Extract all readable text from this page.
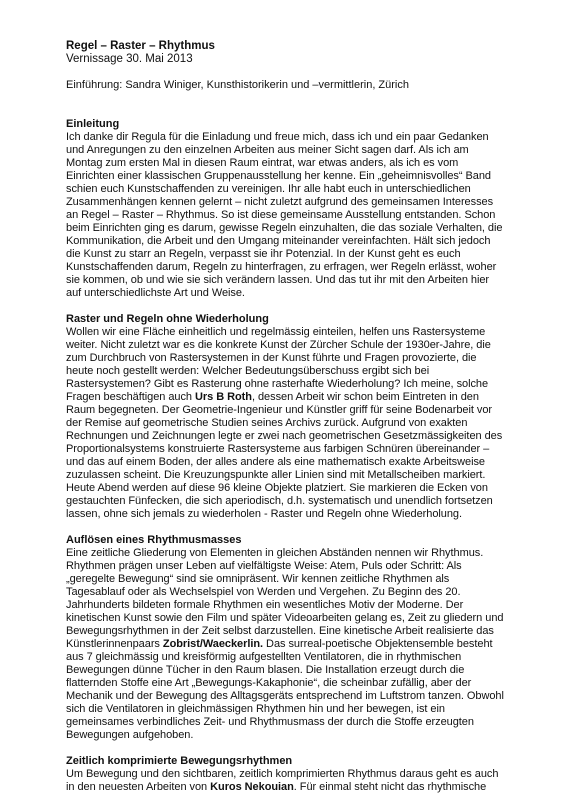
Regel – Raster – Rhythmus

Vernissage 30. Mai 2013

Einführung: Sandra Winiger, Kunsthistorikerin und –vermittlerin, Zürich

Einleitung

Ich danke dir Regula für die Einladung und freue mich, dass ich und ein paar Gedanken und Anregungen zu den einzelnen Arbeiten aus meiner Sicht sagen darf. Als ich am Montag zum ersten Mal in diesen Raum eintrat, war etwas anders, als ich es vom Einrichten einer klassischen Gruppenausstellung her kenne. Ein „geheimnisvolles“ Band schien euch Kunstschaffenden zu vereinigen. Ihr alle habt euch in unterschiedlichen Zusammenhängen kennen gelernt – nicht zuletzt aufgrund des gemeinsamen Interesses an Regel – Raster – Rhythmus. So ist diese gemeinsame Ausstellung entstanden. Schon beim Einrichten ging es darum, gewisse Regeln einzuhalten, die das soziale Verhalten, die Kommunikation, die Arbeit und den Umgang miteinander vereinfachten. Hält sich jedoch die Kunst zu starr an Regeln, verpasst sie ihr Potenzial. In der Kunst geht es euch Kunstschaffenden darum, Regeln zu hinterfragen, zu erfragen, wer Regeln erlässt, woher sie kommen, ob und wie sie sich verändern lassen. Und das tut ihr mit den Arbeiten hier auf unterschiedlichste Art und Weise.

Raster und Regeln ohne Wiederholung

Wollen wir eine Fläche einheitlich und regelmässig einteilen, helfen uns Rastersysteme weiter. Nicht zuletzt war es die konkrete Kunst der Zürcher Schule der 1930er-Jahre, die zum Durchbruch von Rastersystemen in der Kunst führte und Fragen provozierte, die heute noch gestellt werden: Welcher Bedeutungsüberschuss ergibt sich bei Rastersystemen? Gibt es Rasterung ohne rasterhafte Wiederholung? Ich meine, solche Fragen beschäftigen auch Urs B Roth, dessen Arbeit wir schon beim Eintreten in den Raum begegneten. Der Geometrie-Ingenieur und Künstler griff für seine Bodenarbeit vor der Remise auf geometrische Studien seines Archivs zurück. Aufgrund von exakten Rechnungen und Zeichnungen legte er zwei nach geometrischen Gesetzmässigkeiten des Proportionalsystems konstruierte Rastersysteme aus farbigen Schnüren übereinander – und das auf einem Boden, der alles andere als eine mathematisch exakte Arbeitsweise zuzulassen scheint. Die Kreuzungspunkte aller Linien sind mit Metallscheiben markiert. Heute Abend werden auf diese 96 kleine Objekte platziert. Sie markieren die Ecken von gestauchten Fünfecken, die sich aperiodisch, d.h. systematisch und unendlich fortsetzen lassen, ohne sich jemals zu wiederholen - Raster und Regeln ohne Wiederholung.

Auflösen eines Rhythmusmasses

Eine zeitliche Gliederung von Elementen in gleichen Abständen nennen wir Rhythmus. Rhythmen prägen unser Leben auf vielfältigste Weise: Atem, Puls oder Schritt: Als „geregelte Bewegung“ sind sie omnipräsent. Wir kennen zeitliche Rhythmen als Tagesablauf oder als Wechselspiel von Werden und Vergehen. Zu Beginn des 20. Jahrhunderts bildeten formale Rhythmen ein wesentliches Motiv der Moderne. Der kinetischen Kunst sowie den Film und später Videoarbeiten gelang es, Zeit zu gliedern und Bewegungsrhythmen in der Zeit selbst darzustellen. Eine kinetische Arbeit realisierte das Künstlerinnenpaars Zobrist/Waeckerlin. Das surreal-poetische Objektensemble besteht aus 7 gleichmässig und kreisförmig aufgestellten Ventilatoren, die in rhythmischen Bewegungen dünne Tücher in den Raum blasen. Die Installation erzeugt durch die flatternden Stoffe eine Art „Bewegungs-Kakaphonie“, die scheinbar zufällig, aber der Mechanik und der Bewegung des Alltagsgeräts entsprechend im Luftstrom tanzen. Obwohl sich die Ventilatoren in gleichmässigen Rhythmen hin und her bewegen, ist ein gemeinsames verbindliches Zeit- und Rhythmusmass der durch die Stoffe erzeugten Bewegungen aufgehoben.

Zeitlich komprimierte Bewegungsrhythmen

Um Bewegung und den sichtbaren, zeitlich komprimierten Rhythmus daraus geht es auch in den neuesten Arbeiten von Kuros Nekouian. Für einmal steht nicht das rhythmische
